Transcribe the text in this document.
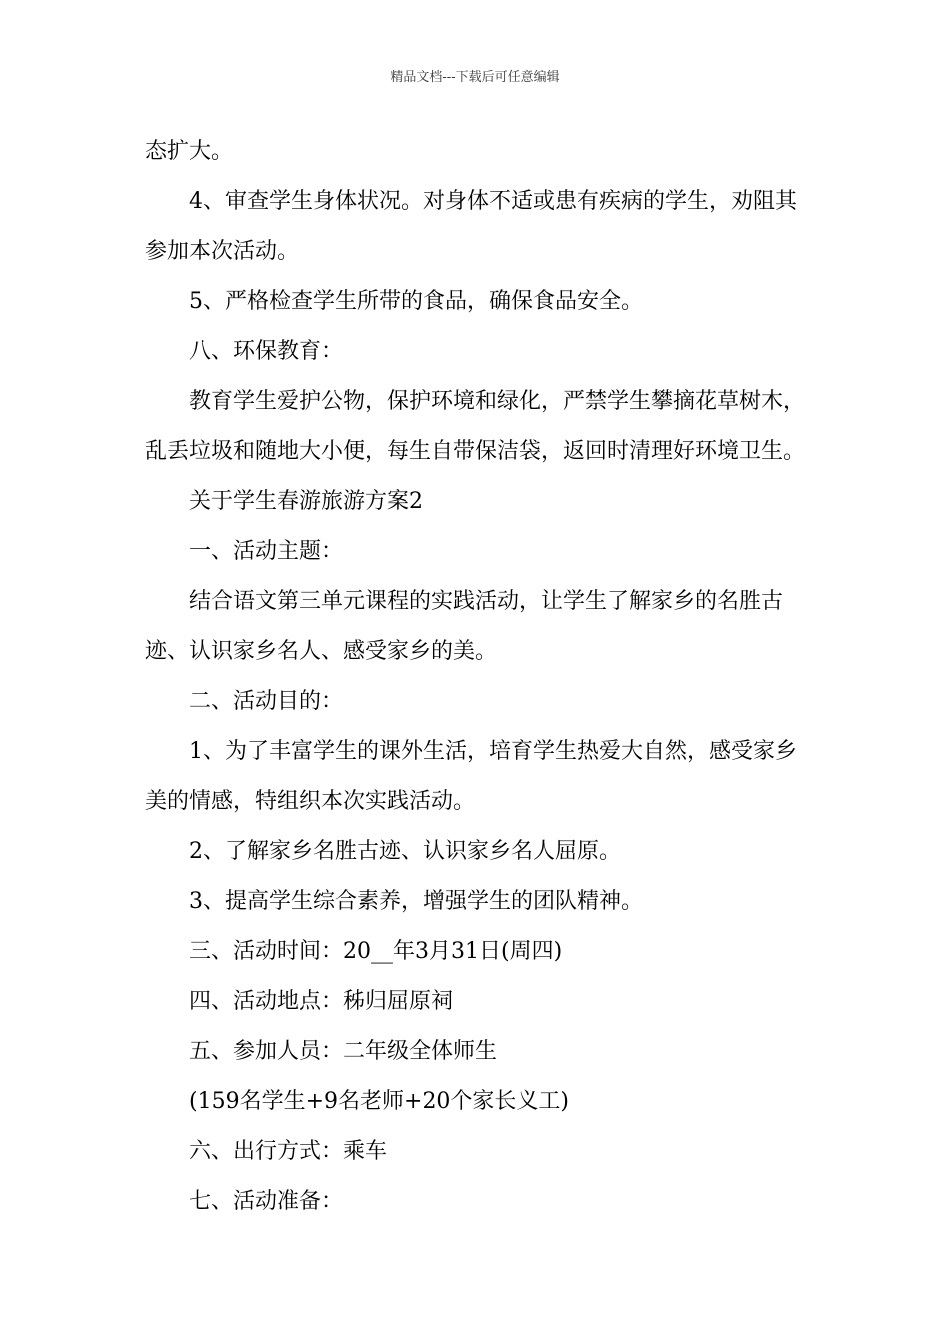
精品文档---下载后可任意编辑
态扩大。
4、审查学生身体状况。对身体不适或患有疾病的学生，劝阻其
参加本次活动。
5、严格检查学生所带的食品，确保食品安全。
八、环保教育：
教育学生爱护公物，保护环境和绿化，严禁学生攀摘花草树木，
乱丢垃圾和随地大小便，每生自带保洁袋，返回时清理好环境卫生。
关于学生春游旅游方案2
一、活动主题：
结合语文第三单元课程的实践活动，让学生了解家乡的名胜古
迹、认识家乡名人、感受家乡的美。
二、活动目的：
1、为了丰富学生的课外生活，培育学生热爱大自然，感受家乡
美的情感，特组织本次实践活动。
2、了解家乡名胜古迹、认识家乡名人屈原。
3、提高学生综合素养，增强学生的团队精神。
三、活动时间：20__年3月31日(周四)
四、活动地点：秭归屈原祠
五、参加人员：二年级全体师生
(159名学生+9名老师+20个家长义工)
六、出行方式：乘车
七、活动准备：
